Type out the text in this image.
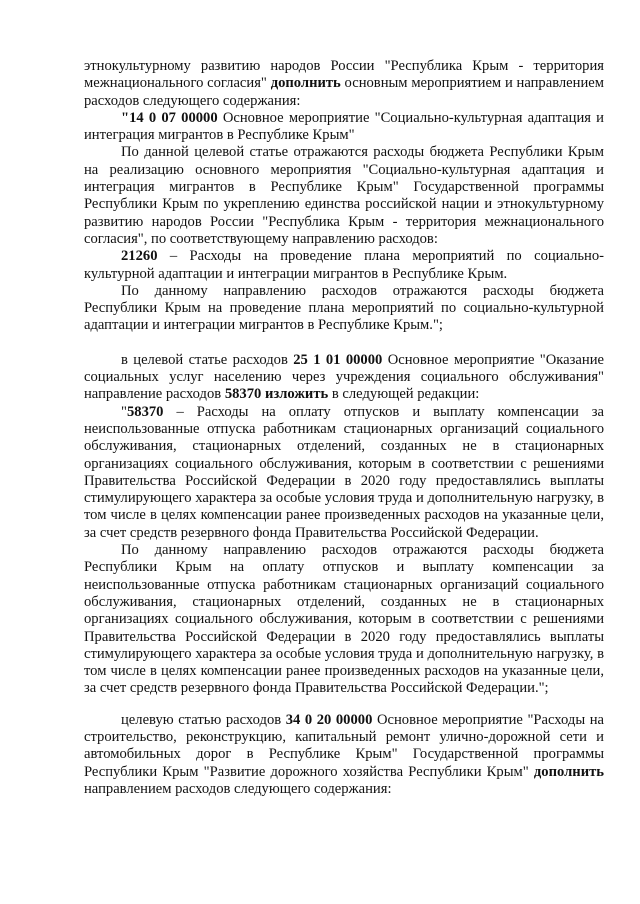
этнокультурному развитию народов России "Республика Крым - территория межнационального согласия" дополнить основным мероприятием и направлением расходов следующего содержания:

"14 0 07 00000 Основное мероприятие "Социально-культурная адаптация и интеграция мигрантов в Республике Крым"

По данной целевой статье отражаются расходы бюджета Республики Крым на реализацию основного мероприятия "Социально-культурная адаптация и интеграция мигрантов в Республике Крым" Государственной программы Республики Крым по укреплению единства российской нации и этнокультурному развитию народов России "Республика Крым - территория межнационального согласия", по соответствующему направлению расходов:

21260 – Расходы на проведение плана мероприятий по социально-культурной адаптации и интеграции мигрантов в Республике Крым.

По данному направлению расходов отражаются расходы бюджета Республики Крым на проведение плана мероприятий по социально-культурной адаптации и интеграции мигрантов в Республике Крым.";

в целевой статье расходов 25 1 01 00000 Основное мероприятие "Оказание социальных услуг населению через учреждения социального обслуживания" направление расходов 58370 изложить в следующей редакции:

"58370 – Расходы на оплату отпусков и выплату компенсации за неиспользованные отпуска работникам стационарных организаций социального обслуживания, стационарных отделений, созданных не в стационарных организациях социального обслуживания, которым в соответствии с решениями Правительства Российской Федерации в 2020 году предоставлялись выплаты стимулирующего характера за особые условия труда и дополнительную нагрузку, в том числе в целях компенсации ранее произведенных расходов на указанные цели, за счет средств резервного фонда Правительства Российской Федерации.

По данному направлению расходов отражаются расходы бюджета Республики Крым на оплату отпусков и выплату компенсации за неиспользованные отпуска работникам стационарных организаций социального обслуживания, стационарных отделений, созданных не в стационарных организациях социального обслуживания, которым в соответствии с решениями Правительства Российской Федерации в 2020 году предоставлялись выплаты стимулирующего характера за особые условия труда и дополнительную нагрузку, в том числе в целях компенсации ранее произведенных расходов на указанные цели, за счет средств резервного фонда Правительства Российской Федерации.";

целевую статью расходов 34 0 20 00000 Основное мероприятие "Расходы на строительство, реконструкцию, капитальный ремонт улично-дорожной сети и автомобильных дорог в Республике Крым" Государственной программы Республики Крым "Развитие дорожного хозяйства Республики Крым" дополнить направлением расходов следующего содержания:
